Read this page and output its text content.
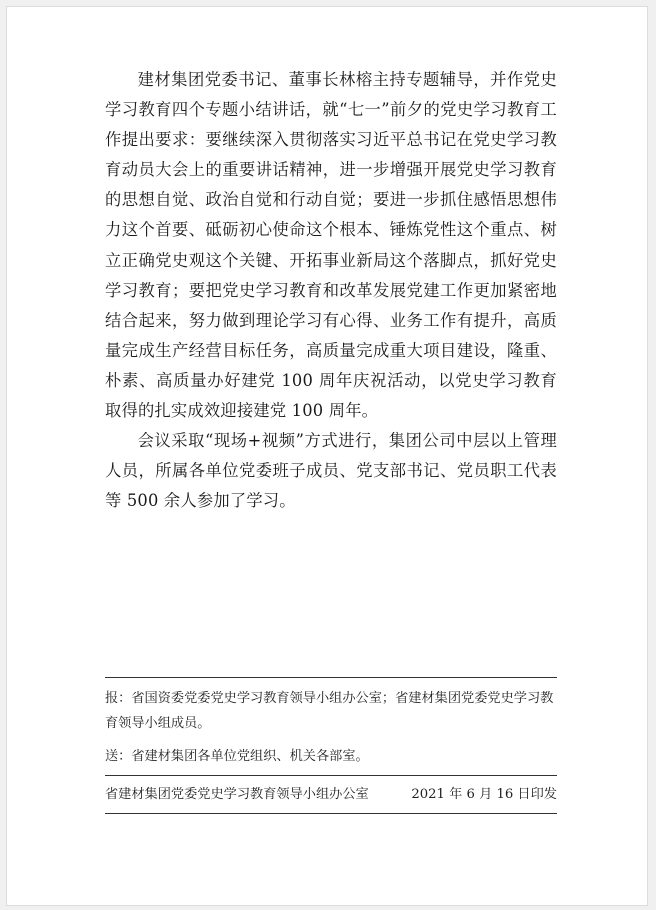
建材集团党委书记、董事长林榕主持专题辅导，并作党史学习教育四个专题小结讲话，就“七一”前夕的党史学习教育工作提出要求：要继续深入贯彻落实习近平总书记在党史学习教育动员大会上的重要讲话精神，进一步增强开展党史学习教育的思想自觉、政治自觉和行动自觉；要进一步抓住感悟思想伟力这个首要、砥砺初心使命这个根本、锤炼党性这个重点、树立正确党史观这个关键、开拓事业新局这个落脚点，抓好党史学习教育；要把党史学习教育和改革发展党建工作更加紧密地结合起来，努力做到理论学习有心得、业务工作有提升，高质量完成生产经营目标任务，高质量完成重大项目建设，隆重、朴素、高质量办好建党 100 周年庆祝活动，以党史学习教育取得的扎实成效迎接建党 100 周年。

会议采取“现场+视频”方式进行，集团公司中层以上管理人员，所属各单位党委班子成员、党支部书记、党员职工代表等 500 余人参加了学习。

报：省国资委党委党史学习教育领导小组办公室；省建材集团党委党史学习教育领导小组成员。
送：省建材集团各单位党组织、机关各部室。
省建材集团党委党史学习教育领导小组办公室	2021 年 6 月 16 日印发
